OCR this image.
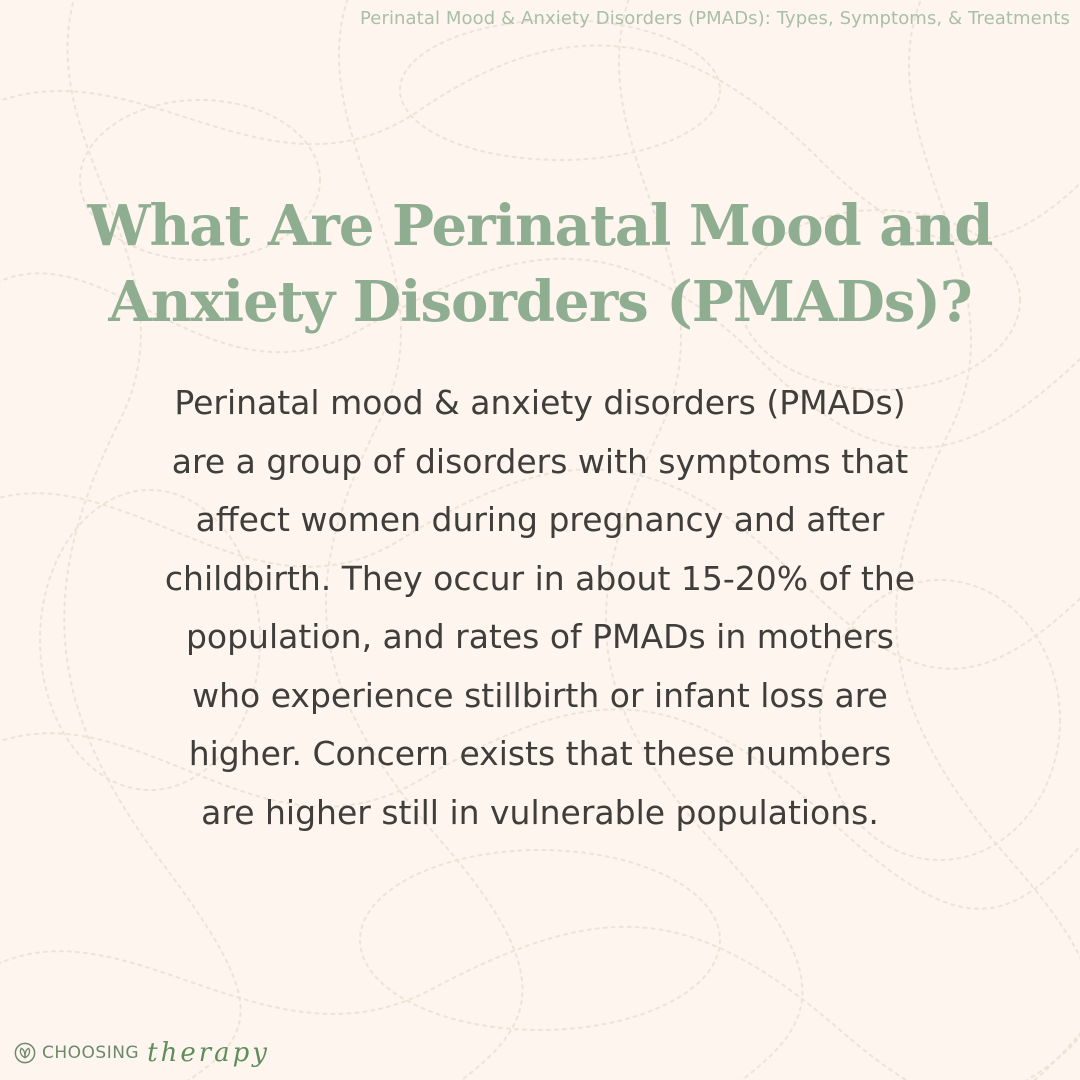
Perinatal Mood & Anxiety Disorders (PMADs): Types, Symptoms, & Treatments
What Are Perinatal Mood and
Anxiety Disorders (PMADs)?
Perinatal mood & anxiety disorders (PMADs)
are a group of disorders with symptoms that
affect women during pregnancy and after
childbirth. They occur in about 15-20% of the
population, and rates of PMADs in mothers
who experience stillbirth or infant loss are
higher. Concern exists that these numbers
are higher still in vulnerable populations.
CHOOSING therapy
